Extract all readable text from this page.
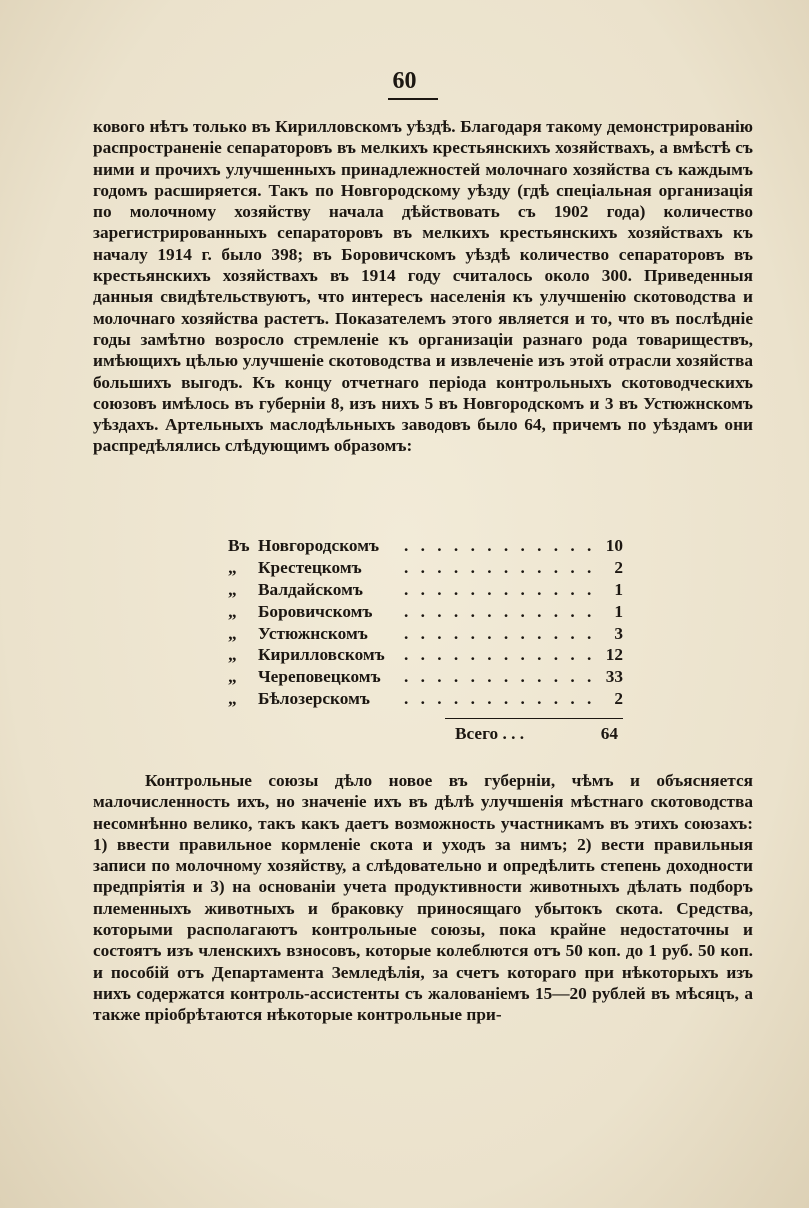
60

кового нѣтъ только въ Кирилловскомъ уѣздѣ. Благодаря такому демонстрированію распространеніе сепараторовъ въ мелкихъ крестьянскихъ хозяйствахъ, а вмѣстѣ съ ними и прочихъ улучшенныхъ принадлежностей молочнаго хозяйства съ каждымъ годомъ расширяется. Такъ по Новгородскому уѣзду (гдѣ спеціальная организація по молочному хозяйству начала дѣйствовать съ 1902 года) количество зарегистрированныхъ сепараторовъ въ мелкихъ крестьянскихъ хозяйствахъ къ началу 1914 г. было 398; въ Боровичскомъ уѣздѣ количество сепараторовъ въ крестьянскихъ хозяйствахъ въ 1914 году считалось около 300. Приведенныя данныя свидѣтельствуютъ, что интересъ населенія къ улучшенію скотоводства и молочнаго хозяйства растетъ. Показателемъ этого является и то, что въ послѣдніе годы замѣтно возросло стремленіе къ организаціи разнаго рода товариществъ, имѣющихъ цѣлью улучшеніе скотоводства и извлеченіе изъ этой отрасли хозяйства большихъ выгодъ. Къ концу отчетнаго періода контрольныхъ скотоводческихъ союзовъ имѣлось въ губерніи 8, изъ нихъ 5 въ Новгородскомъ и 3 въ Устюжнскомъ уѣздахъ. Артельныхъ маслодѣльныхъ заводовъ было 64, причемъ по уѣздамъ они распредѣлялись слѣдующимъ образомъ:

Въ Новгородскомъ . . . . . . . . . . . . 10
„ Крестецкомъ . . . . . . . . . . . . 2
„ Валдайскомъ . . . . . . . . . . . . 1
„ Боровичскомъ . . . . . . . . . . . . 1
„ Устюжнскомъ . . . . . . . . . . . . 3
„ Кирилловскомъ . . . . . . . . . . . . 12
„ Череповецкомъ . . . . . . . . . . . . 33
„ Бѣлозерскомъ . . . . . . . . . . . . 2
Всего . . .	64

Контрольные союзы дѣло новое въ губерніи, чѣмъ и объясняется малочисленность ихъ, но значеніе ихъ въ дѣлѣ улучшенія мѣстнаго скотоводства несомнѣнно велико, такъ какъ даетъ возможность участникамъ въ этихъ союзахъ: 1) ввести правильное кормленіе скота и уходъ за нимъ; 2) вести правильныя записи по молочному хозяйству, а слѣдовательно и опредѣлить степень доходности предпріятія и 3) на основаніи учета продуктивности животныхъ дѣлать подборъ племенныхъ животныхъ и браковку приносящаго убытокъ скота. Средства, которыми располагаютъ контрольные союзы, пока крайне недостаточны и состоятъ изъ членскихъ взносовъ, которые колеблются отъ 50 коп. до 1 руб. 50 коп. и пособій отъ Департамента Земледѣлія, за счетъ котораго при нѣкоторыхъ изъ нихъ содержатся контроль-ассистенты съ жалованіемъ 15—20 рублей въ мѣсяцъ, а также пріобрѣтаются нѣкоторые контрольные при-
